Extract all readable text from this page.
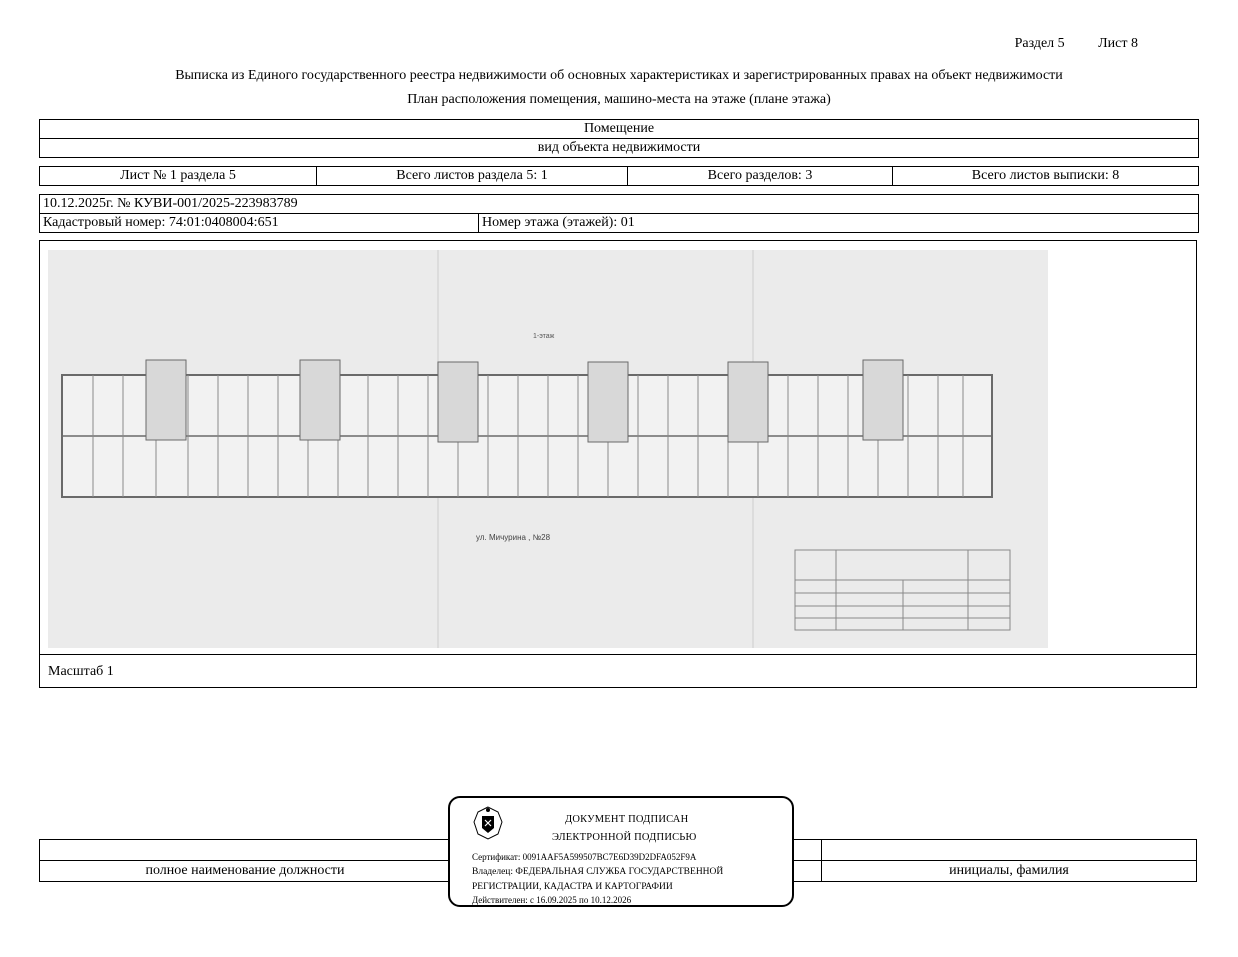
Раздел 5 Лист 8
Выписка из Единого государственного реестра недвижимости об основных характеристиках и зарегистрированных правах на объект недвижимости
План расположения помещения, машино-места на этаже (плане этажа)
Помещение
вид объекта недвижимости
Лист № 1 раздела 5	Всего листов раздела 5: 1	Всего разделов: 3	Всего листов выписки: 8
10.12.2025г. № КУВИ-001/2025-223983789
Кадастровый номер: 74:01:0408004:651	Номер этажа (этажей): 01
1-этаж
ул. Мичурина , №28
Масштаб 1

полное наименование должности		инициалы, фамилия
ДОКУМЕНТ ПОДПИСАН
ЭЛЕКТРОННОЙ ПОДПИСЬЮ
Сертификат: 0091AAF5A599507BC7E6D39D2DFA052F9A
Владелец: ФЕДЕРАЛЬНАЯ СЛУЖБА ГОСУДАРСТВЕННОЙ
РЕГИСТРАЦИИ, КАДАСТРА И КАРТОГРАФИИ
Действителен: с 16.09.2025 по 10.12.2026
